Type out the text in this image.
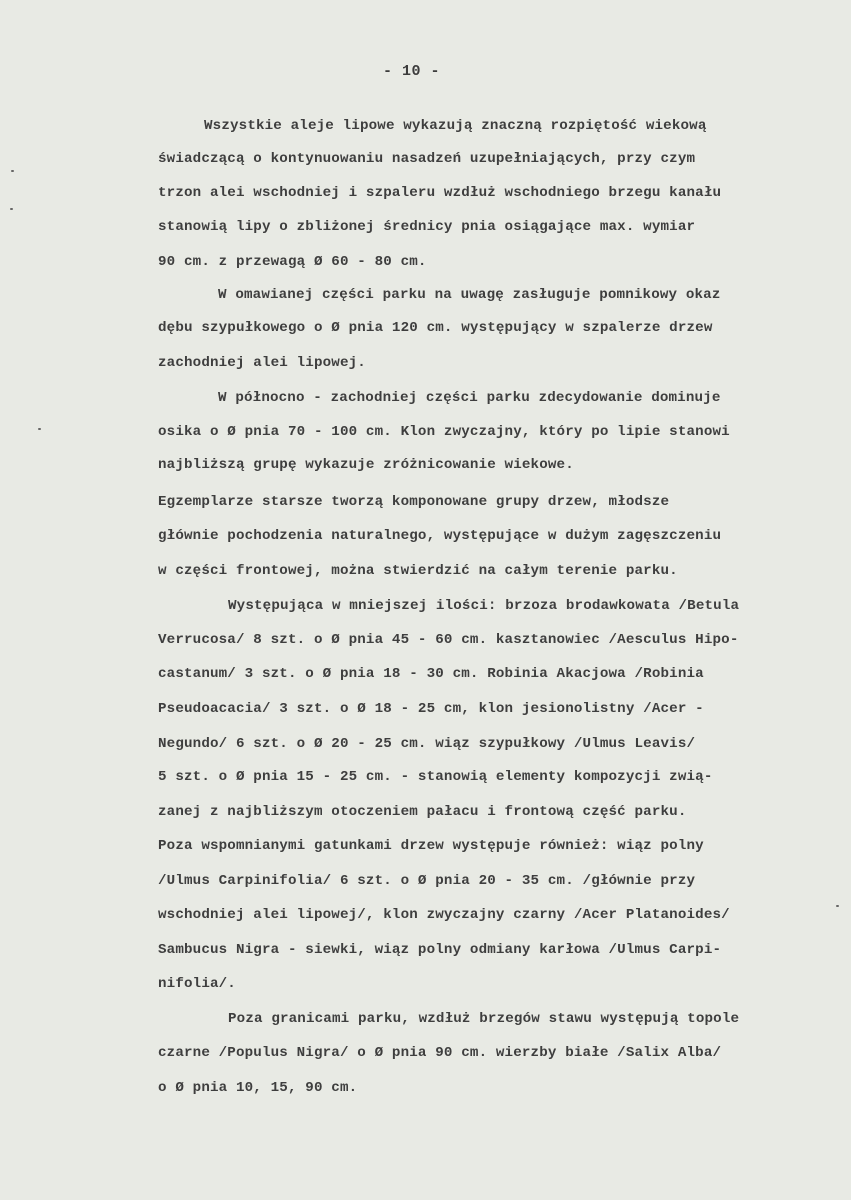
- 10 -
Wszystkie aleje lipowe wykazują znaczną rozpiętość wiekową
świadczącą o kontynuowaniu nasadzeń uzupełniających, przy czym
trzon alei wschodniej i szpaleru wzdłuż wschodniego brzegu kanału
stanowią lipy o zbliżonej średnicy pnia osiągające max. wymiar
90 cm. z przewagą Ø 60 - 80 cm.
W omawianej części parku na uwagę zasługuje pomnikowy okaz
dębu szypułkowego o Ø pnia 120 cm. występujący w szpalerze drzew
zachodniej alei lipowej.
W północno - zachodniej części parku zdecydowanie dominuje
osika o Ø pnia 70 - 100 cm. Klon zwyczajny, który po lipie stanowi
najbliższą grupę wykazuje zróżnicowanie wiekowe.
Egzemplarze starsze tworzą komponowane grupy drzew, młodsze
głównie pochodzenia naturalnego, występujące w dużym zagęszczeniu
w części frontowej, można stwierdzić na całym terenie parku.
Występująca w mniejszej ilości: brzoza brodawkowata /Betula
Verrucosa/ 8 szt. o Ø pnia 45 - 60 cm. kasztanowiec /Aesculus Hipo-
castanum/ 3 szt. o Ø pnia 18 - 30 cm. Robinia Akacjowa /Robinia
Pseudoacacia/ 3 szt. o Ø 18 - 25 cm, klon jesionolistny /Acer -
Negundo/ 6 szt. o Ø 20 - 25 cm. wiąz szypułkowy /Ulmus Leavis/
5 szt. o Ø pnia 15 - 25 cm. - stanowią elementy kompozycji zwią-
zanej z najbliższym otoczeniem pałacu i frontową część parku.
Poza wspomnianymi gatunkami drzew występuje również: wiąz polny
/Ulmus Carpinifolia/ 6 szt. o Ø pnia 20 - 35 cm. /głównie przy
wschodniej alei lipowej/, klon zwyczajny czarny /Acer Platanoides/
Sambucus Nigra - siewki, wiąz polny odmiany karłowa /Ulmus Carpi-
nifolia/.
Poza granicami parku, wzdłuż brzegów stawu występują topole
czarne /Populus Nigra/ o Ø pnia 90 cm. wierzby białe /Salix Alba/
o Ø pnia 10, 15, 90 cm.
